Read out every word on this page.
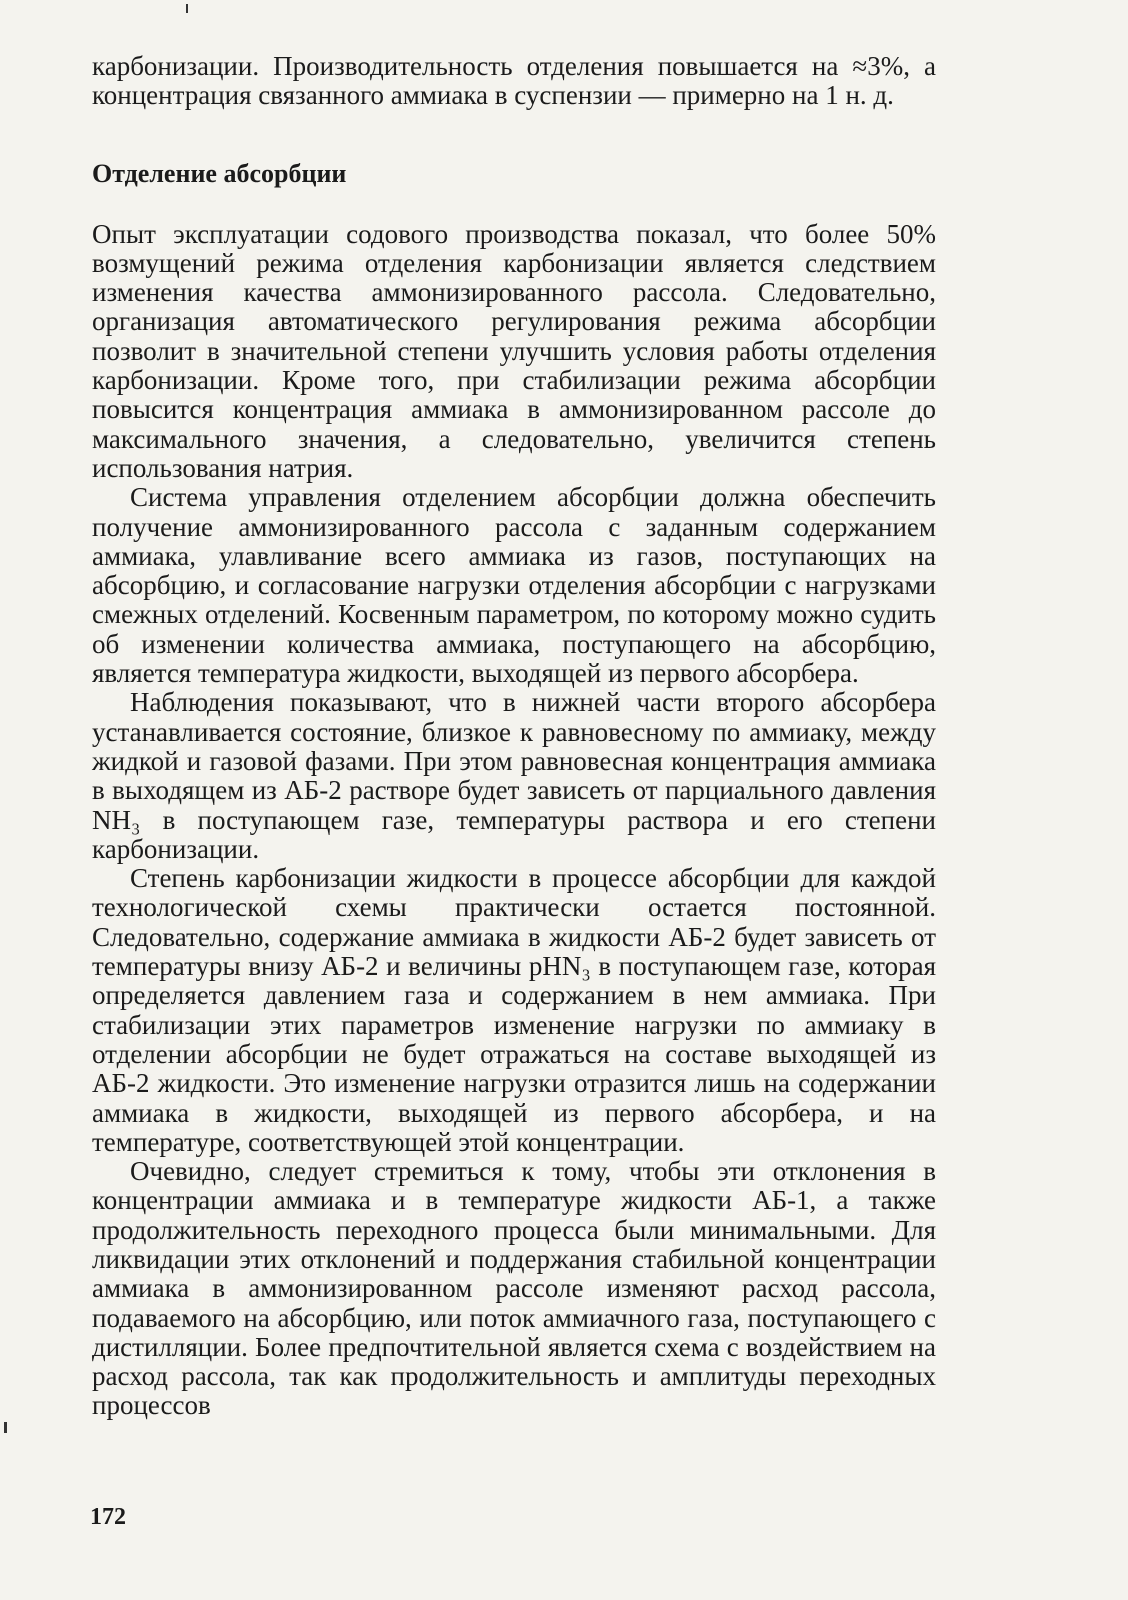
карбонизации. Производительность отделения повышается на ≈3%, а концентрация связанного аммиака в суспензии — примерно на 1 н. д.

Отделение абсорбции

Опыт эксплуатации содового производства показал, что более 50% возмущений режима отделения карбонизации является следствием изменения качества аммонизированного рассола. Следовательно, организация автоматического регулирования режима абсорбции позволит в значительной степени улучшить условия работы отделения карбонизации. Кроме того, при стабилизации режима абсорбции повысится концентрация аммиака в аммонизированном рассоле до максимального значения, а следовательно, увеличится степень использования натрия.

Система управления отделением абсорбции должна обеспечить получение аммонизированного рассола с заданным содержанием аммиака, улавливание всего аммиака из газов, поступающих на абсорбцию, и согласование нагрузки отделения абсорбции с нагрузками смежных отделений. Косвенным параметром, по которому можно судить об изменении количества аммиака, поступающего на абсорбцию, является температура жидкости, выходящей из первого абсорбера.

Наблюдения показывают, что в нижней части второго абсорбера устанавливается состояние, близкое к равновесному по аммиаку, между жидкой и газовой фазами. При этом равновесная концентрация аммиака в выходящем из АБ-2 растворе будет зависеть от парциального давления NH₃ в поступающем газе, температуры раствора и его степени карбонизации.

Степень карбонизации жидкости в процессе абсорбции для каждой технологической схемы практически остается постоянной. Следовательно, содержание аммиака в жидкости АБ-2 будет зависеть от температуры внизу АБ-2 и величины pHN₃ в поступающем газе, которая определяется давлением газа и содержанием в нем аммиака. При стабилизации этих параметров изменение нагрузки по аммиаку в отделении абсорбции не будет отражаться на составе выходящей из АБ-2 жидкости. Это изменение нагрузки отразится лишь на содержании аммиака в жидкости, выходящей из первого абсорбера, и на температуре, соответствующей этой концентрации.

Очевидно, следует стремиться к тому, чтобы эти отклонения в концентрации аммиака и в температуре жидкости АБ-1, а также продолжительность переходного процесса были минимальными. Для ликвидации этих отклонений и поддержания стабильной концентрации аммиака в аммонизированном рассоле изменяют расход рассола, подаваемого на абсорбцию, или поток аммиачного газа, поступающего с дистилляции. Более предпочтительной является схема с воздействием на расход рассола, так как продолжительность и амплитуды переходных процессов

172
